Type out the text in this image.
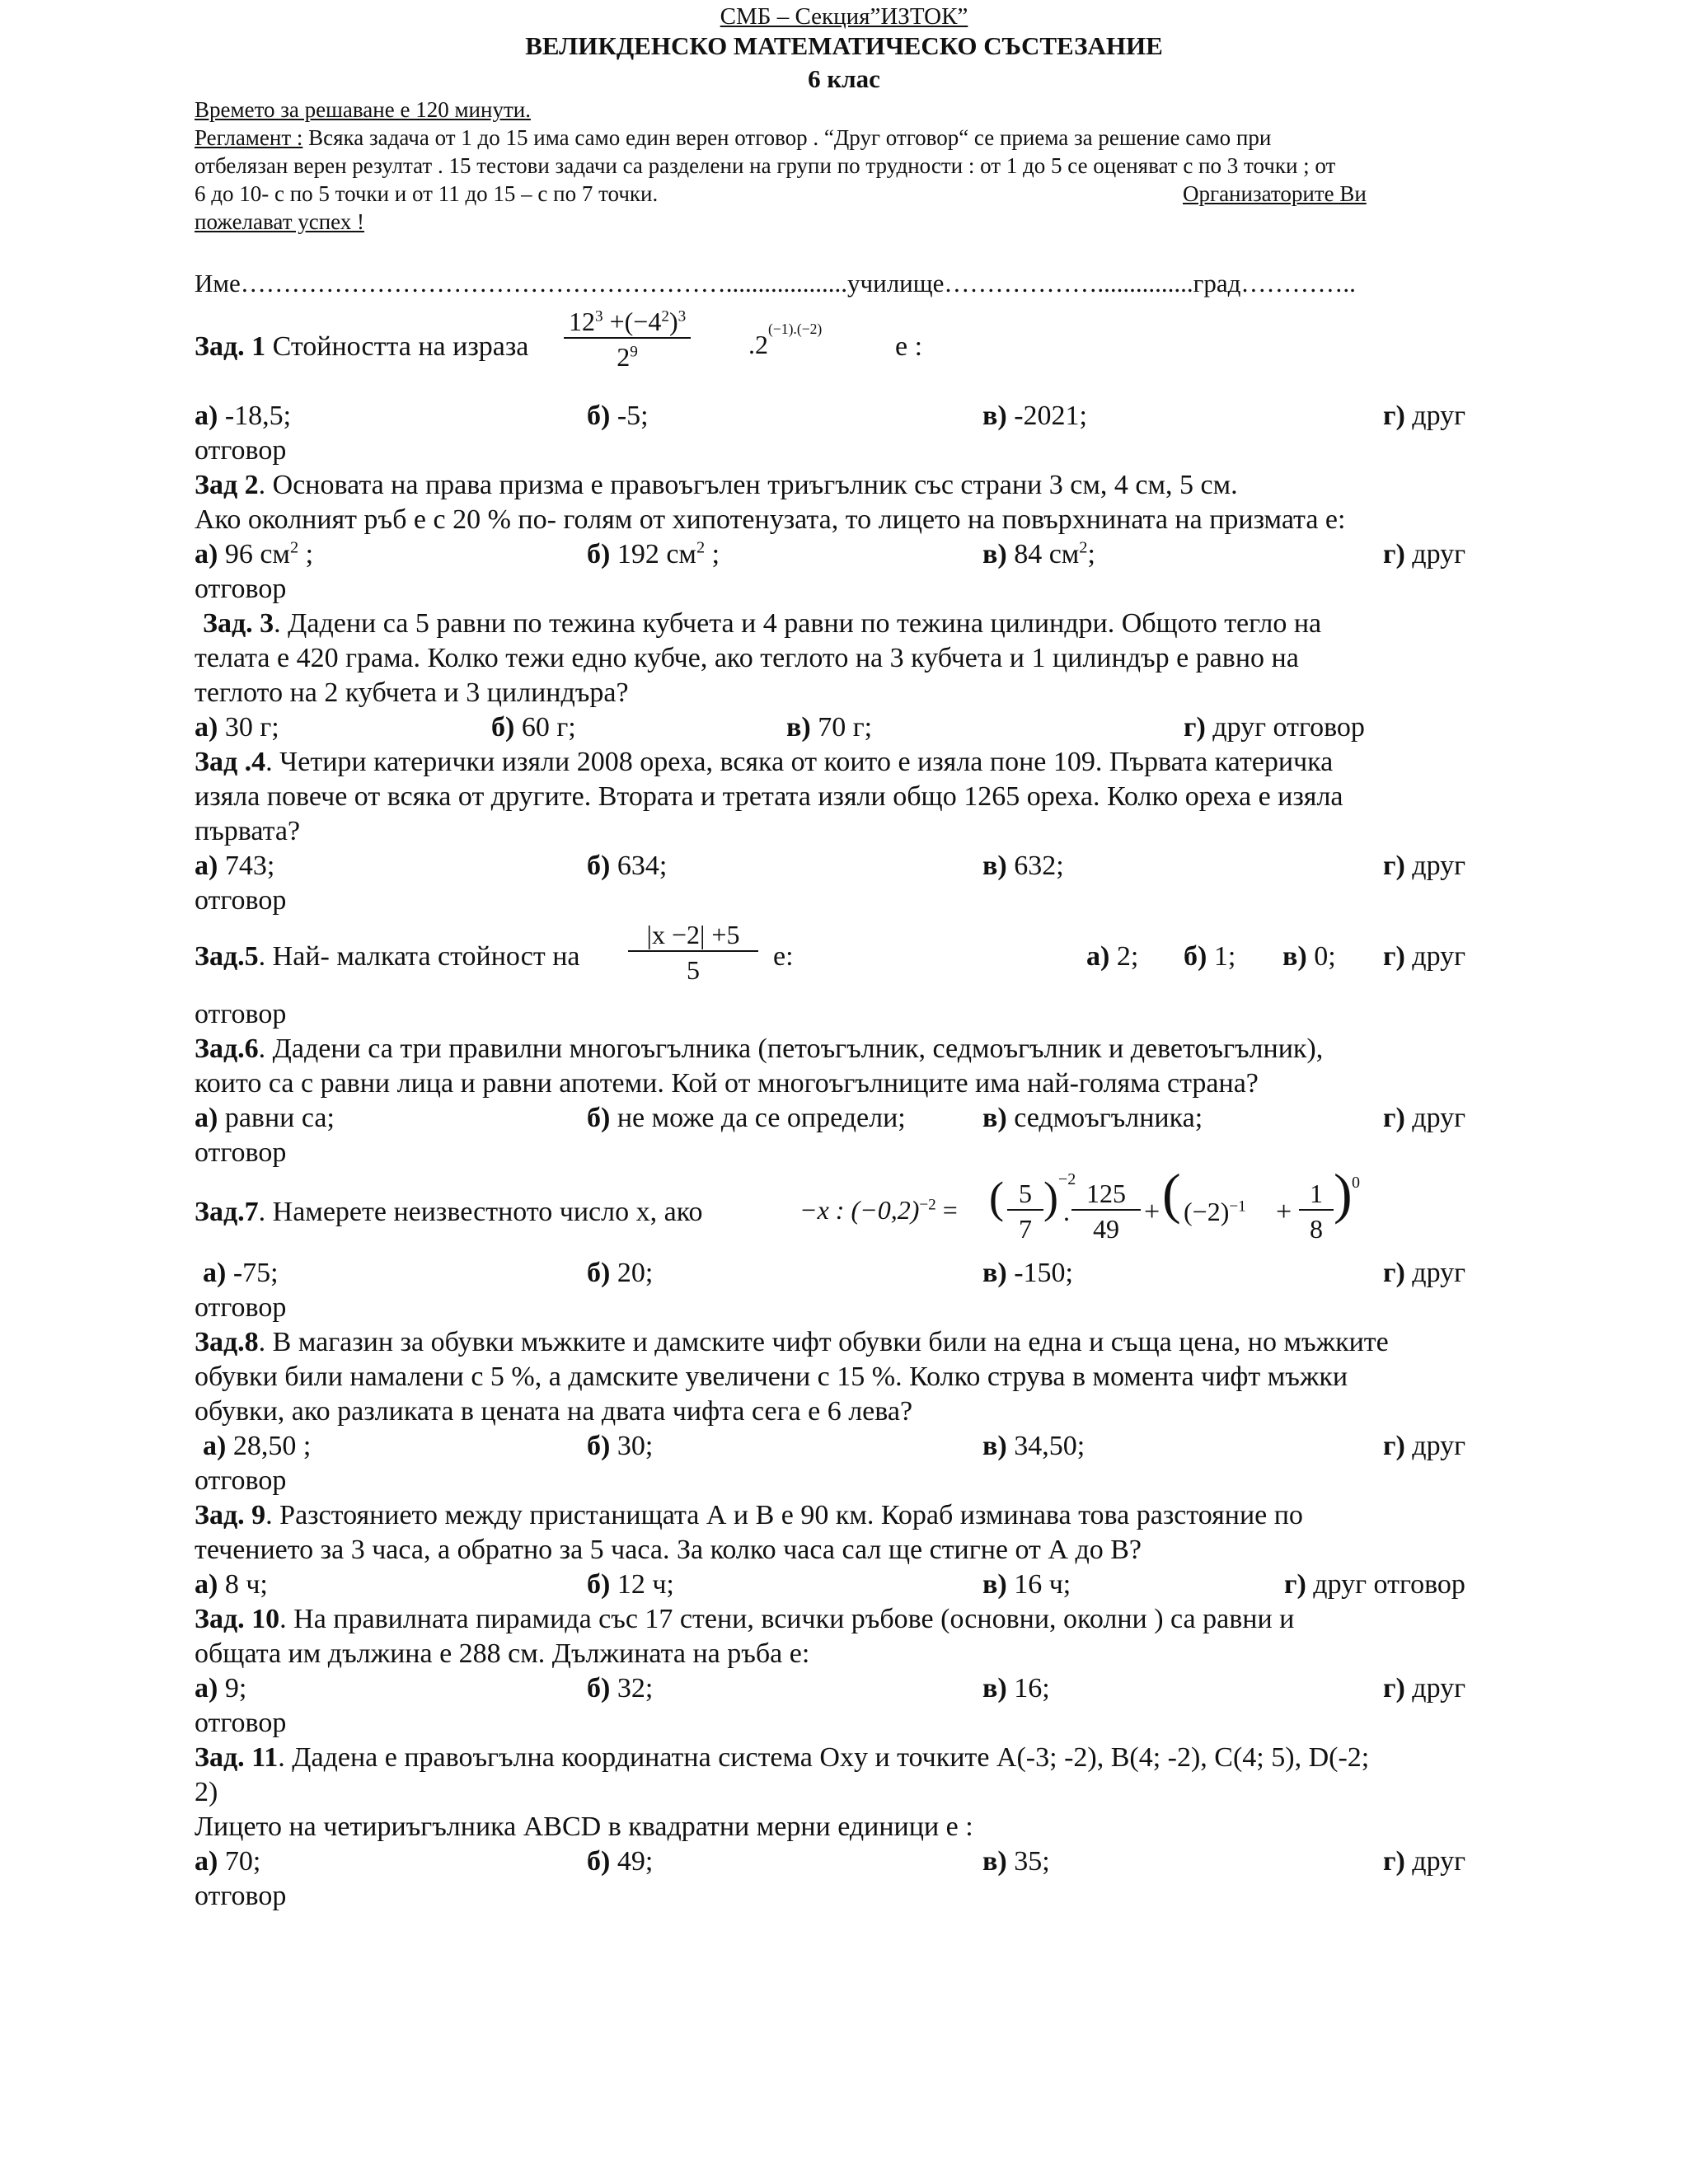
СМБ – Секция”ИЗТОК”
ВЕЛИКДЕНСКО МАТЕМАТИЧЕСКО СЪСТЕЗАНИЕ
6 клас
Времето за решаване е 120 минути.
Регламент : Всяка задача от 1 до 15 има само един верен отговор . “Друг отговор“ се приема за решение само при
отбелязан верен резултат . 15 тестови задачи са разделени на групи по трудности : от 1 до 5 се оценяват с по 3 точки ; от
6 до 10- с по 5 точки и от 11 до 15 – с по 7 точки.	Организаторите Ви
пожелават успех !
Име…………………………………………………...................училище………………...............град…………..
Зад. 1 Стойността на израза $\frac{12^3 +(-4^2)^3}{2^9} .2^{(-1).(-2)}$
е :
а) -18,5;	б) -5;	в) -2021;	г) друг
отговор
Зад 2. Основата на права призма е правоъгълен триъгълник със страни 3 см, 4 см, 5 см.
Ако околният ръб е с 20 % по- голям от хипотенузата, то лицето на повърхнината на призмата е:
а) 96 $см^2$ ;	б) 192 $см^2$ ;	в) 84 $см^2$;	г) друг
отговор
Зад. 3. Дадени са 5 равни по тежина кубчета и 4 равни по тежина цилиндри. Общото тегло на
телата е 420 грама. Колко тежи едно кубче, ако теглото на 3 кубчета и 1 цилиндър е равно на
теглото на 2 кубчета и 3 цилиндъра?
а) 30 г;	б) 60 г;	в) 70 г;	г) друг отговор
Зад .4. Четири катерички изяли 2008 ореха, всяка от които е изяла поне 109. Първата катеричка
изяла повече от всяка от другите. Втората и третата изяли общо 1265 ореха. Колко ореха е изяла
първата?
а) 743;	б) 634;	в) 632;	г) друг
отговор
Зад.5. Най- малката стойност на $\frac{|x -2| +5}{5} е$:	а) 2; б) 1; в) 0; г) друг
отговор
Зад.6. Дадени са три правилни многоъгълника (петоъгълник, седмоъгълник и деветоъгълник),
които са с равни лица и равни апотеми. Кой от многоъгълниците има най-голяма страна?
а) равни са;	б) не може да се определи;	в) седмоъгълника;	г) друг
отговор
Зад.7. Намерете неизвестното число х, ако	−x : $(-0,2)^{-2}$ = ( $\frac{5}{7}$ ) −2
. $\frac{125}{49}$ + ( $(-2)^{-1} + \frac{1}{8}$ ) 0
а) -75;	б) 20;	в) -150;	г) друг
отговор
Зад.8. В магазин за обувки мъжките и дамските чифт обувки били на една и съща цена, но мъжките
обувки били намалени с 5 %, а дамските увеличени с 15 %. Колко струва в момента чифт мъжки
обувки, ако разликата в цената на двата чифта сега е 6 лева?
а) 28,50 ;	б) 30;	в) 34,50;	г) друг
отговор
Зад. 9. Разстоянието между пристанищата А и В е 90 км. Кораб изминава това разстояние по
течението за 3 часа, а обратно за 5 часа. За колко часа сал ще стигне от А до В?
а) 8 ч;	б) 12 ч;	в) 16 ч;	г) друг отговор
Зад. 10. На правилната пирамида със 17 стени, всички ръбове (основни, околни ) са равни и
общата им дължина е 288 см. Дължината на ръба е:
а) 9;	б) 32;	в) 16;	г) друг
отговор
Зад. 11. Дадена е правоъгълна координатна система Оxy и точките A(-3; -2), B(4; -2), C(4; 5), D(-2;
2)
Лицето на четириъгълника ABCD в квадратни мерни единици е :
а) 70;	б) 49;	в) 35;	г) друг
отговор
